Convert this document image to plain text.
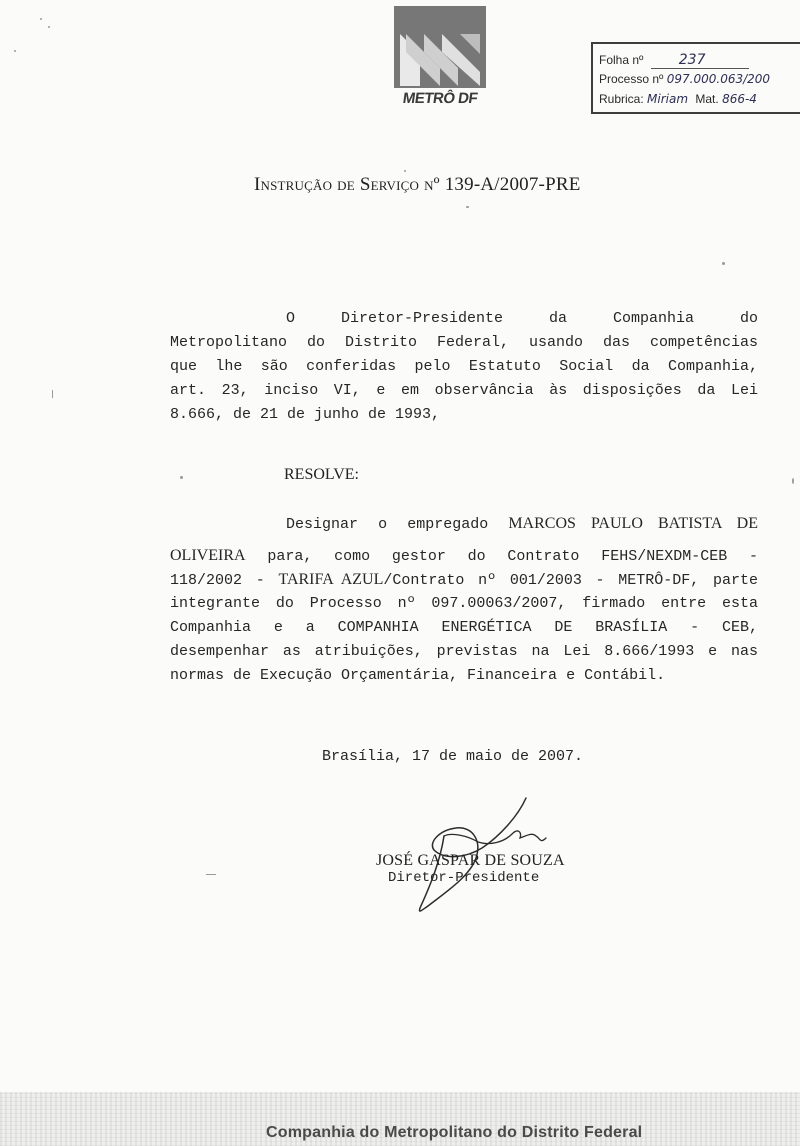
METRÔ DF
Folha nº	237
Processo nº 097.000.063/200
Rubrica: Miriam Mat. 866-4
Instrução de Serviço nº 139-A/2007-PRE
O Diretor-Presidente da Companhia do
Metropolitano do Distrito Federal, usando das competências
que lhe são conferidas pelo Estatuto Social da Companhia,
art. 23, inciso VI, e em observância às disposições da Lei
8.666, de 21 de junho de 1993,
RESOLVE:
Designar o empregado MARCOS PAULO BATISTA DE
OLIVEIRA para, como gestor do Contrato FEHS/NEXDM-CEB -
118/2002 - TARIFA AZUL/Contrato nº 001/2003 - METRÔ-DF, parte
integrante do Processo nº 097.00063/2007, firmado entre esta
Companhia e a COMPANHIA ENERGÉTICA DE BRASÍLIA - CEB,
desempenhar as atribuições, previstas na Lei 8.666/1993 e nas
normas de Execução Orçamentária, Financeira e Contábil.
Brasília, 17 de maio de 2007.
JOSÉ GASPAR DE SOUZA
Diretor-Presidente
Companhia do Metropolitano do Distrito Federal
